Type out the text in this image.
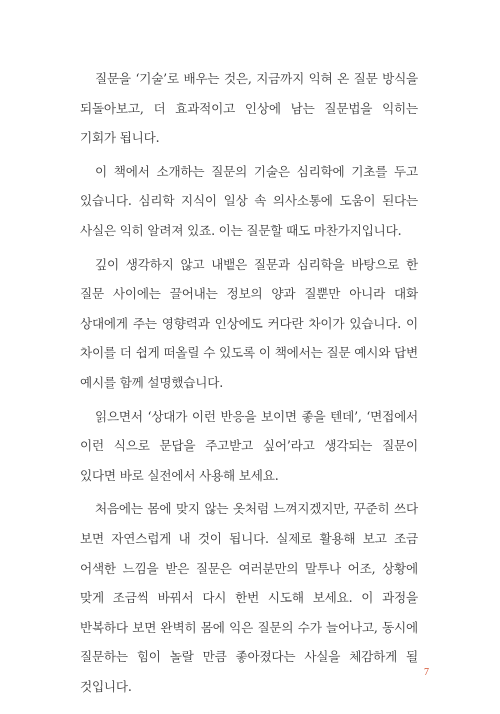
질문을 ‘기술’로 배우는 것은, 지금까지 익혀 온 질문 방식을 되돌아보고, 더 효과적이고 인상에 남는 질문법을 익히는 기회가 됩니다.

이 책에서 소개하는 질문의 기술은 심리학에 기초를 두고 있습니다. 심리학 지식이 일상 속 의사소통에 도움이 된다는 사실은 익히 알려져 있죠. 이는 질문할 때도 마찬가지입니다.

깊이 생각하지 않고 내뱉은 질문과 심리학을 바탕으로 한 질문 사이에는 끌어내는 정보의 양과 질뿐만 아니라 대화 상대에게 주는 영향력과 인상에도 커다란 차이가 있습니다. 이 차이를 더 쉽게 떠올릴 수 있도록 이 책에서는 질문 예시와 답변 예시를 함께 설명했습니다.

읽으면서 ‘상대가 이런 반응을 보이면 좋을 텐데’, ‘면접에서 이런 식으로 문답을 주고받고 싶어’라고 생각되는 질문이 있다면 바로 실전에서 사용해 보세요.

처음에는 몸에 맞지 않는 옷처럼 느껴지겠지만, 꾸준히 쓰다 보면 자연스럽게 내 것이 됩니다. 실제로 활용해 보고 조금 어색한 느낌을 받은 질문은 여러분만의 말투나 어조, 상황에 맞게 조금씩 바꿔서 다시 한번 시도해 보세요. 이 과정을 반복하다 보면 완벽히 몸에 익은 질문의 수가 늘어나고, 동시에 질문하는 힘이 놀랄 만큼 좋아졌다는 사실을 체감하게 될 것입니다.

7
